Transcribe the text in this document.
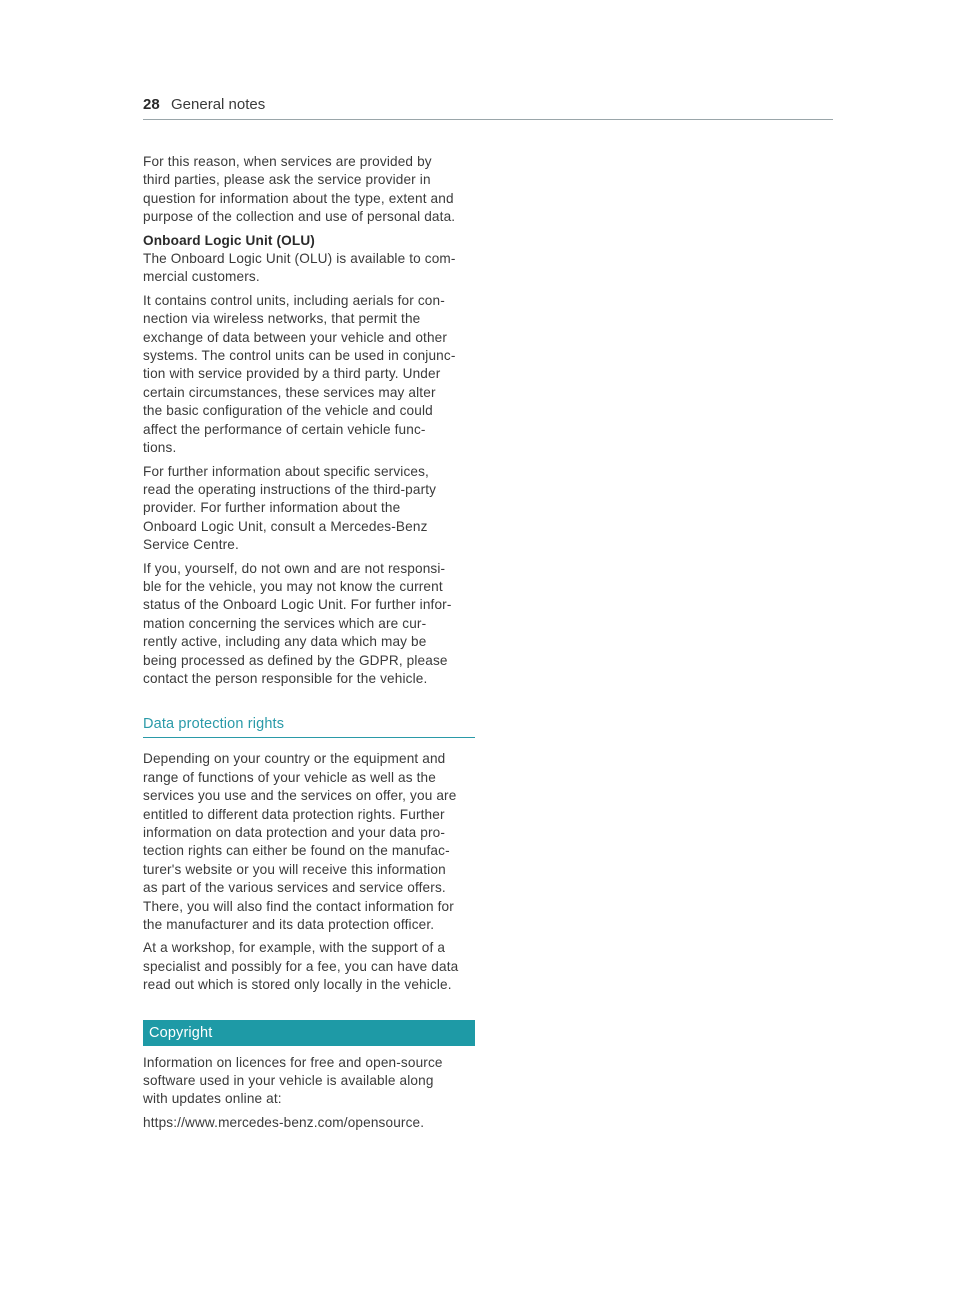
28 General notes

For this reason, when services are provided by
third parties, please ask the service provider in
question for information about the type, extent and
purpose of the collection and use of personal data.

Onboard Logic Unit (OLU)

The Onboard Logic Unit (OLU) is available to com-
mercial customers.

It contains control units, including aerials for con-
nection via wireless networks, that permit the
exchange of data between your vehicle and other
systems. The control units can be used in conjunc-
tion with service provided by a third party. Under
certain circumstances, these services may alter
the basic configuration of the vehicle and could
affect the performance of certain vehicle func-
tions.

For further information about specific services,
read the operating instructions of the third-party
provider. For further information about the
Onboard Logic Unit, consult a Mercedes-Benz
Service Centre.

If you, yourself, do not own and are not responsi-
ble for the vehicle, you may not know the current
status of the Onboard Logic Unit. For further infor-
mation concerning the services which are cur-
rently active, including any data which may be
being processed as defined by the GDPR, please
contact the person responsible for the vehicle.

Data protection rights

Depending on your country or the equipment and
range of functions of your vehicle as well as the
services you use and the services on offer, you are
entitled to different data protection rights. Further
information on data protection and your data pro-
tection rights can either be found on the manufac-
turer's website or you will receive this information
as part of the various services and service offers.
There, you will also find the contact information for
the manufacturer and its data protection officer.

At a workshop, for example, with the support of a
specialist and possibly for a fee, you can have data
read out which is stored only locally in the vehicle.

Copyright

Information on licences for free and open-source
software used in your vehicle is available along
with updates online at:

https://www.mercedes-benz.com/opensource.
